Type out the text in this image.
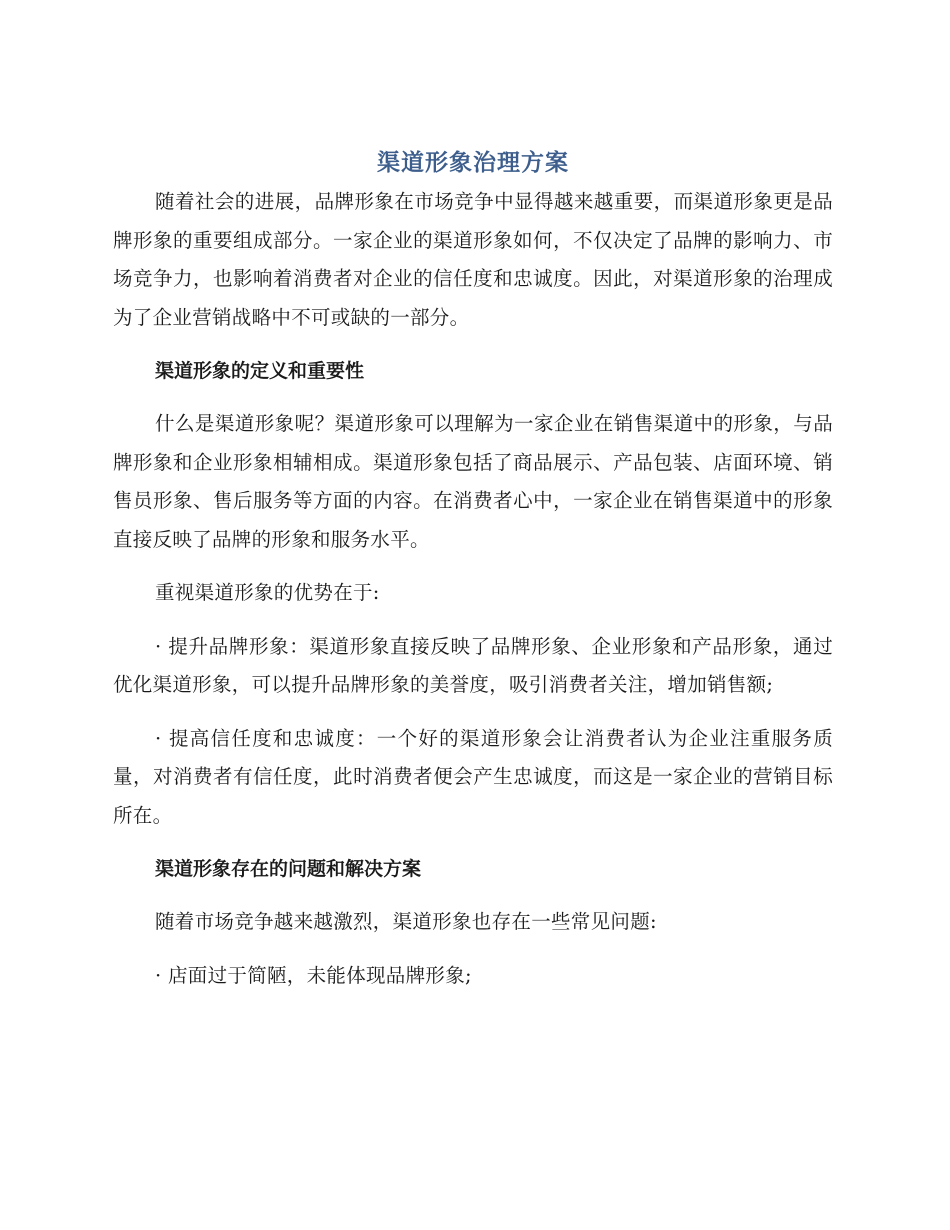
渠道形象治理方案

随着社会的进展，品牌形象在市场竞争中显得越来越重要，而渠道形象更是品牌形象的重要组成部分。一家企业的渠道形象如何，不仅决定了品牌的影响力、市场竞争力，也影响着消费者对企业的信任度和忠诚度。因此，对渠道形象的治理成为了企业营销战略中不可或缺的一部分。

渠道形象的定义和重要性

什么是渠道形象呢？渠道形象可以理解为一家企业在销售渠道中的形象，与品牌形象和企业形象相辅相成。渠道形象包括了商品展示、产品包装、店面环境、销售员形象、售后服务等方面的内容。在消费者心中，一家企业在销售渠道中的形象直接反映了品牌的形象和服务水平。

重视渠道形象的优势在于:

· 提升品牌形象：渠道形象直接反映了品牌形象、企业形象和产品形象，通过优化渠道形象，可以提升品牌形象的美誉度，吸引消费者关注，增加销售额;

· 提高信任度和忠诚度：一个好的渠道形象会让消费者认为企业注重服务质量，对消费者有信任度，此时消费者便会产生忠诚度，而这是一家企业的营销目标所在。

渠道形象存在的问题和解决方案

随着市场竞争越来越激烈，渠道形象也存在一些常见问题:

· 店面过于简陋，未能体现品牌形象;
